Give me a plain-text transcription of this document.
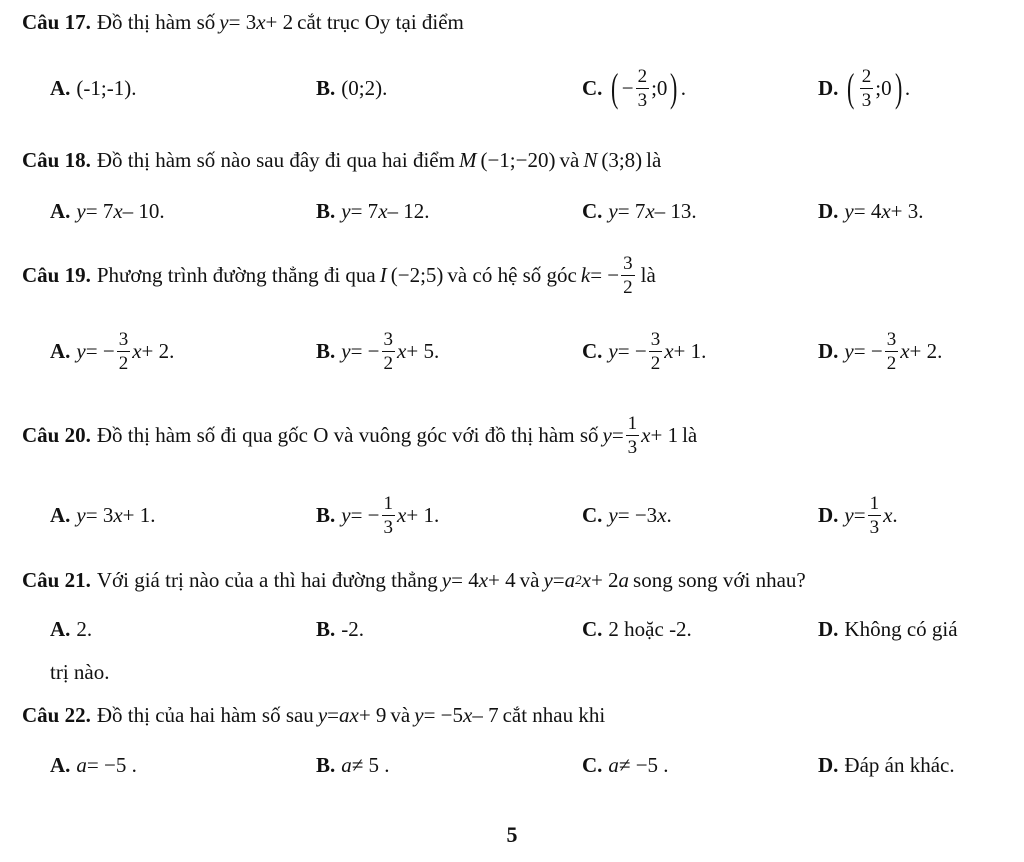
Câu 17. Đồ thị hàm số y = 3 x + 2 cắt trục Oy tại điểm
A. (-1;-1).	B. (0;2).	C. ( − $\frac{2}{3}$ ;0 ) .	D. ( $\frac{2}{3}$ ;0 ) .
Câu 18. Đồ thị hàm số nào sau đây đi qua hai điểm M (−1;−20) và N (3;8) là
A. y = 7 x – 10.	B. y = 7 x – 12.	C. y = 7 x – 13.	D. y = 4 x + 3.
Câu 19. Phương trình đường thẳng đi qua I (−2;5) và có hệ số góc k = − $\frac{3}{2}$ là
A. y = − $\frac{3}{2}$ x + 2.	B. y = − $\frac{3}{2}$ x + 5.	C. y = − $\frac{3}{2}$ x + 1.	D. y = − $\frac{3}{2}$ x + 2.
Câu 20. Đồ thị hàm số đi qua gốc O và vuông góc với đồ thị hàm số $y = \frac{1}{3}$ x + 1 là
A. y = 3 x + 1.	B. y = − $\frac{1}{3}$ x + 1.	C. y = −3 x .	D. $y = \frac{1}{3}$ x .
Câu 21. Với giá trị nào của a thì hai đường thẳng y = 4 x + 4 và y = a 2 x + 2 a song song với nhau?
A. 2.	B. -2.	C. 2 hoặc -2.	D. Không có giá
trị nào.
Câu 22. Đồ thị của hai hàm số sau y = a x + 9 và y = −5 x – 7 cắt nhau khi
A. a = −5 .	B. a ≠ 5 .	C. a ≠ −5 .	D. Đáp án khác.
5
